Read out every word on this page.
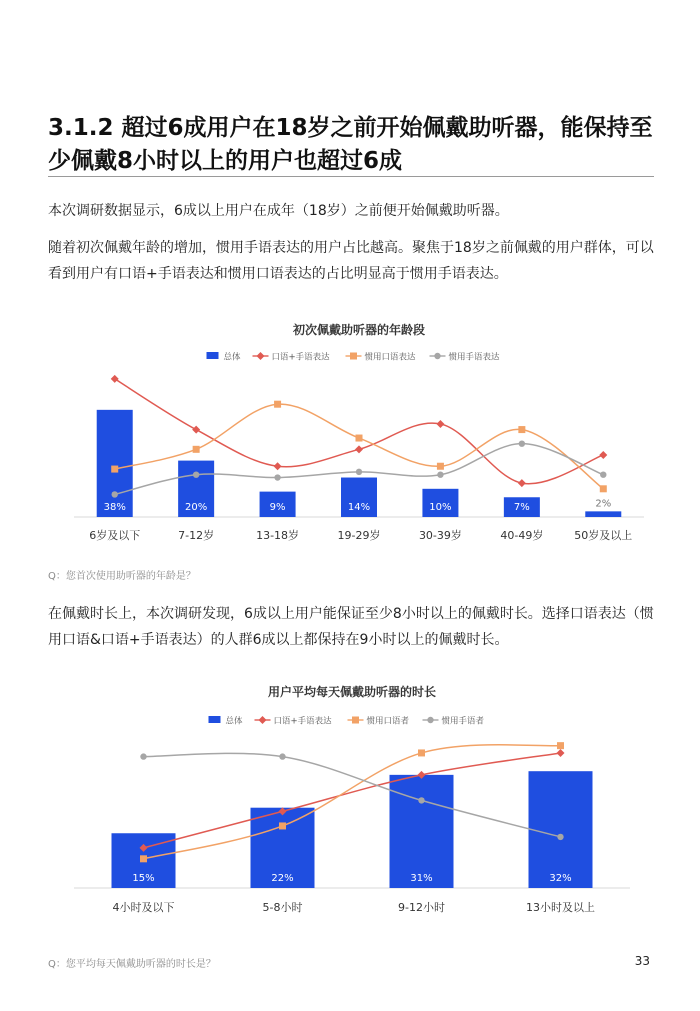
3.1.2 超过6成用户在18岁之前开始佩戴助听器，能保持至少佩戴8小时以上的用户也超过6成

本次调研数据显示，6成以上用户在成年（18岁）之前便开始佩戴助听器。

随着初次佩戴年龄的增加，惯用手语表达的用户占比越高。聚焦于18岁之前佩戴的用户群体，可以看到用户有口语+手语表达和惯用口语表达的占比明显高于惯用手语表达。

初次佩戴助听器的年龄段
总体	口语+手语表达	惯用口语表达	惯用手语表达
38%	20%	9%	14%	10%	7%	2%
6岁及以下	7-12岁	13-18岁	19-29岁	30-39岁	40-49岁	50岁及以上
Q：您首次使用助听器的年龄是？

在佩戴时长上，本次调研发现，6成以上用户能保证至少8小时以上的佩戴时长。选择口语表达（惯用口语&口语+手语表达）的人群6成以上都保持在9小时以上的佩戴时长。

用户平均每天佩戴助听器的时长
总体	口语+手语表达	惯用口语者	惯用手语者
15%	22%	31%	32%
4小时及以下	5-8小时	9-12小时	13小时及以上
Q：您平均每天佩戴助听器的时长是？	33
